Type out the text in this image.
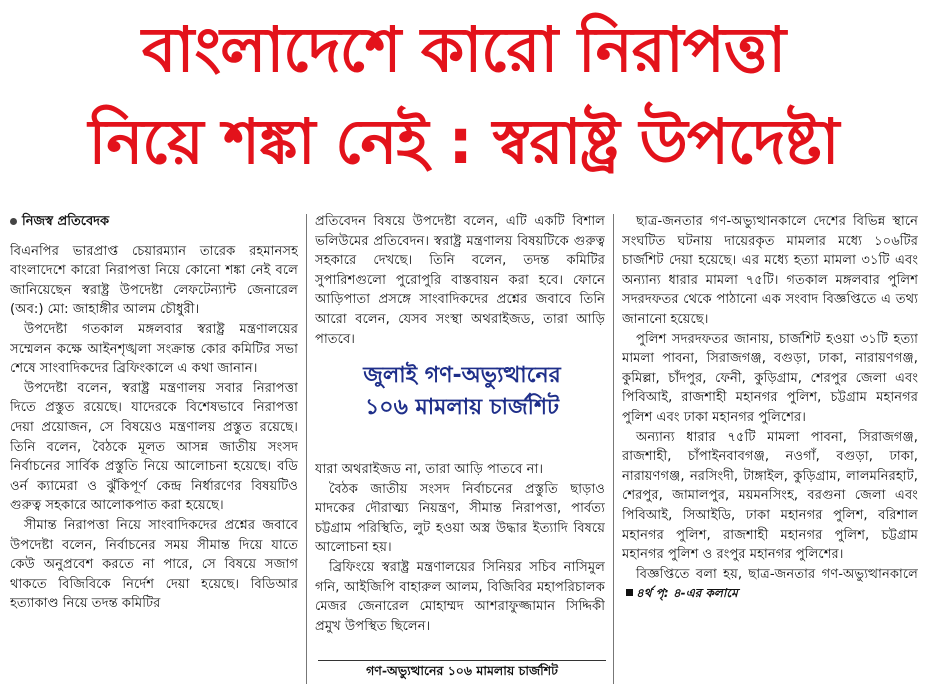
বাংলাদেশে কারো নিরাপত্তা
নিয়ে শঙ্কা নেই : স্বরাষ্ট্র উপদেষ্টা
নিজস্ব প্রতিবেদক

বিএনপির ভারপ্রাপ্ত চেয়ারম্যান তারেক রহমানসহ বাংলাদেশে কারো নিরাপত্তা নিয়ে কোনো শঙ্কা নেই বলে জানিয়েছেন স্বরাষ্ট্র উপদেষ্টা লেফটেন্যান্ট জেনারেল (অব:) মো: জাহাঙ্গীর আলম চৌধুরী।

উপদেষ্টা গতকাল মঙ্গলবার স্বরাষ্ট্র মন্ত্রণালয়ের সম্মেলন কক্ষে আইনশৃঙ্খলা সংক্রান্ত কোর কমিটির সভা শেষে সাংবাদিকদের ব্রিফিংকালে এ কথা জানান।

উপদেষ্টা বলেন, স্বরাষ্ট্র মন্ত্রণালয় সবার নিরাপত্তা দিতে প্রস্তুত রয়েছে। যাদেরকে বিশেষভাবে নিরাপত্তা দেয়া প্রয়োজন, সে বিষয়েও মন্ত্রণালয় প্রস্তুত রয়েছে। তিনি বলেন, বৈঠকে মূলত আসন্ন জাতীয় সংসদ নির্বাচনের সার্বিক প্রস্তুতি নিয়ে আলোচনা হয়েছে। বডি ওর্ন ক্যামেরা ও ঝুঁকিপূর্ণ কেন্দ্র নির্ধারণের বিষয়টিও গুরুত্ব সহকারে আলোকপাত করা হয়েছে।

সীমান্ত নিরাপত্তা নিয়ে সাংবাদিকদের প্রশ্নের জবাবে উপদেষ্টা বলেন, নির্বাচনের সময় সীমান্ত দিয়ে যাতে কেউ অনুপ্রবেশ করতে না পারে, সে বিষয়ে সজাগ থাকতে বিজিবিকে নির্দেশ দেয়া হয়েছে। বিডিআর হত্যাকাণ্ড নিয়ে তদন্ত কমিটির

প্রতিবেদন বিষয়ে উপদেষ্টা বলেন, এটি একটি বিশাল ভলিউমের প্রতিবেদন। স্বরাষ্ট্র মন্ত্রণালয় বিষয়টিকে গুরুত্ব সহকারে দেখছে। তিনি বলেন, তদন্ত কমিটির সুপারিশগুলো পুরোপুরি বাস্তবায়ন করা হবে। ফোনে আড়িপাতা প্রসঙ্গে সাংবাদিকদের প্রশ্নের জবাবে তিনি আরো বলেন, যেসব সংস্থা অথরাইজড, তারা আড়ি পাতবে।

জুলাই গণ-অভ্যুত্থানের
১০৬ মামলায় চার্জশিট

যারা অথরাইজড না, তারা আড়ি পাতবে না।

বৈঠক জাতীয় সংসদ নির্বাচনের প্রস্তুতি ছাড়াও মাদকের দৌরাত্ম্য নিয়ন্ত্রণ, সীমান্ত নিরাপত্তা, পার্বত্য চট্টগ্রাম পরিস্থিতি, লুট হওয়া অস্ত্র উদ্ধার ইত্যাদি বিষয়ে আলোচনা হয়।

ব্রিফিংয়ে স্বরাষ্ট্র মন্ত্রণালয়ের সিনিয়র সচিব নাসিমুল গনি, আইজিপি বাহারুল আলম, বিজিবির মহাপরিচালক মেজর জেনারেল মোহাম্মদ আশরাফুজ্জামান সিদ্দিকী প্রমুখ উপস্থিত ছিলেন।

গণ-অভ্যুত্থানের ১০৬ মামলায় চার্জশিট

ছাত্র-জনতার গণ-অভ্যুত্থানকালে দেশের বিভিন্ন স্থানে সংঘটিত ঘটনায় দায়েরকৃত মামলার মধ্যে ১০৬টির চার্জশিট দেয়া হয়েছে। এর মধ্যে হত্যা মামলা ৩১টি এবং অন্যান্য ধারার মামলা ৭৫টি। গতকাল মঙ্গলবার পুলিশ সদরদফতর থেকে পাঠানো এক সংবাদ বিজ্ঞপ্তিতে এ তথ্য জানানো হয়েছে।

পুলিশ সদরদফতর জানায়, চার্জশিট হওয়া ৩১টি হত্যা মামলা পাবনা, সিরাজগঞ্জ, বগুড়া, ঢাকা, নারায়ণগঞ্জ, কুমিল্লা, চাঁদপুর, ফেনী, কুড়িগ্রাম, শেরপুর জেলা এবং পিবিআই, রাজশাহী মহানগর পুলিশ, চট্টগ্রাম মহানগর পুলিশ এবং ঢাকা মহানগর পুলিশের।

অন্যান্য ধারার ৭৫টি মামলা পাবনা, সিরাজগঞ্জ, রাজশাহী, চাঁপাইনবাবগঞ্জ, নওগাঁ, বগুড়া, ঢাকা, নারায়ণগঞ্জ, নরসিংদী, টাঙ্গাইল, কুড়িগ্রাম, লালমনিরহাট, শেরপুর, জামালপুর, ময়মনসিংহ, বরগুনা জেলা এবং পিবিআই, সিআইডি, ঢাকা মহানগর পুলিশ, বরিশাল মহানগর পুলিশ, রাজশাহী মহানগর পুলিশ, চট্টগ্রাম মহানগর পুলিশ ও রংপুর মহানগর পুলিশের।

বিজ্ঞপ্তিতে বলা হয়, ছাত্র-জনতার গণ-অভ্যুত্থানকালে ৪র্থ পৃ: ৪-এর কলামে
